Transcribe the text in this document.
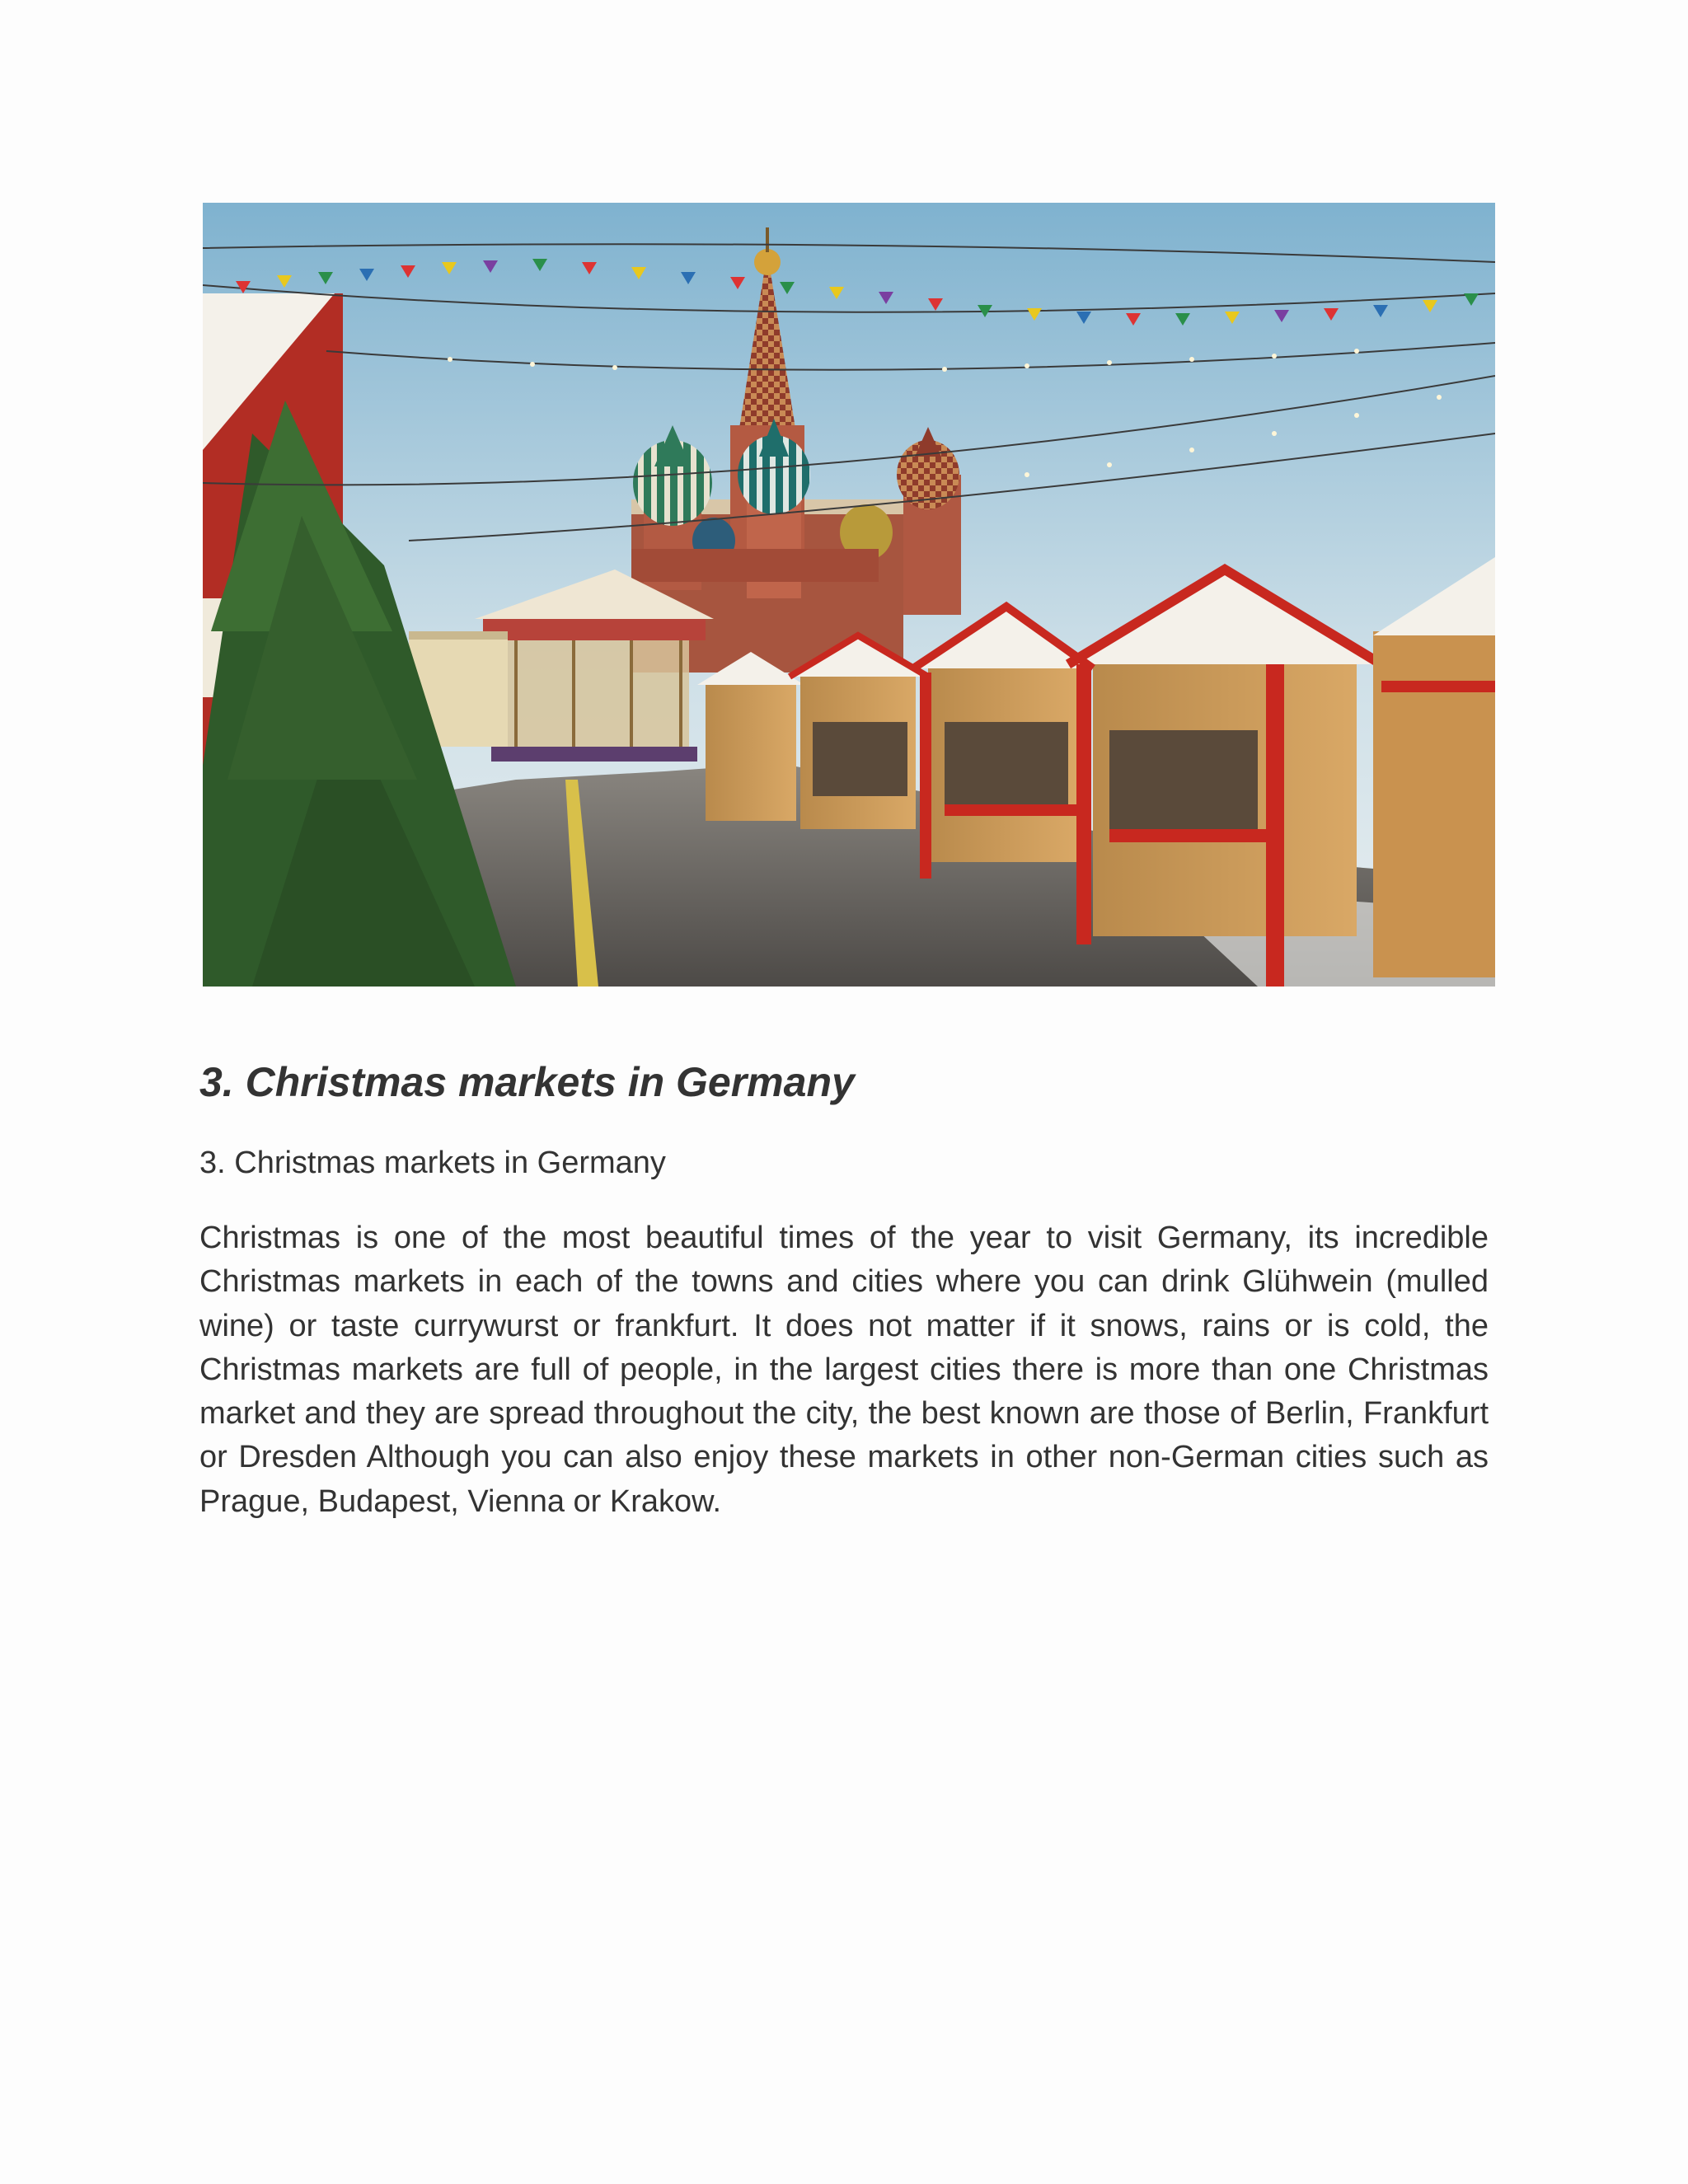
3. Christmas markets in Germany

3. Christmas markets in Germany

Christmas is one of the most beautiful times of the year to visit Germany, its incredible Christmas markets in each of the towns and cities where you can drink Glühwein (mulled wine) or taste currywurst or frankfurt. It does not matter if it snows, rains or is cold, the Christmas markets are full of people, in the largest cities there is more than one Christmas market and they are spread throughout the city, the best known are those of Berlin, Frankfurt or Dresden Although you can also enjoy these markets in other non-German cities such as Prague, Budapest, Vienna or Krakow.
